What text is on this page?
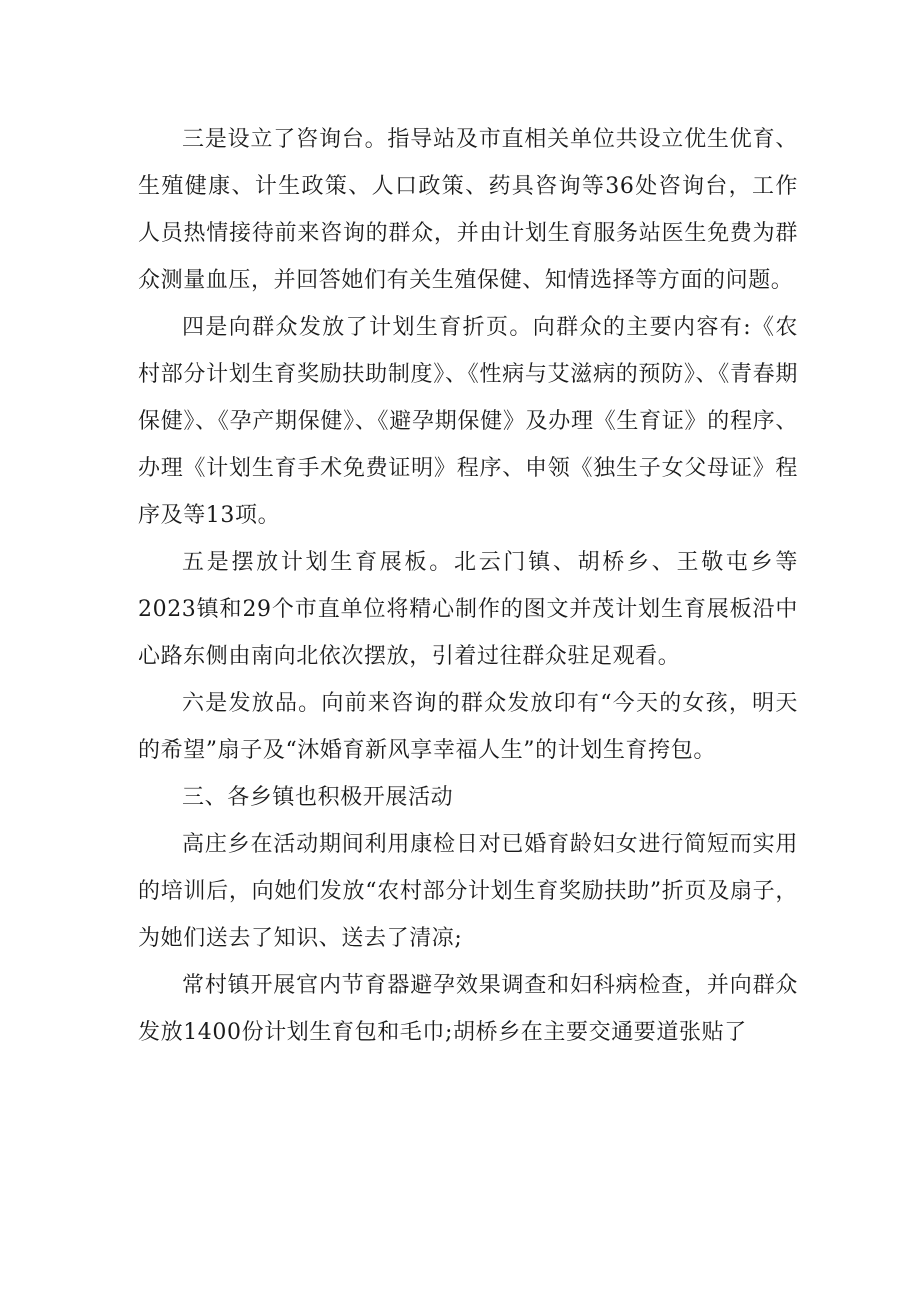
三是设立了咨询台。指导站及市直相关单位共设立优生优育、生殖健康、计生政策、人口政策、药具咨询等36处咨询台，工作人员热情接待前来咨询的群众，并由计划生育服务站医生免费为群众测量血压，并回答她们有关生殖保健、知情选择等方面的问题。

四是向群众发放了计划生育折页。向群众的主要内容有:《农村部分计划生育奖励扶助制度》、《性病与艾滋病的预防》、《青春期保健》、《孕产期保健》、《避孕期保健》及办理《生育证》的程序、办理《计划生育手术免费证明》程序、申领《独生子女父母证》程序及等13项。

五是摆放计划生育展板。北云门镇、胡桥乡、王敬屯乡等2023镇和29个市直单位将精心制作的图文并茂计划生育展板沿中心路东侧由南向北依次摆放，引着过往群众驻足观看。

六是发放品。向前来咨询的群众发放印有“今天的女孩，明天的希望”扇子及“沐婚育新风享幸福人生”的计划生育挎包。

三、各乡镇也积极开展活动

高庄乡在活动期间利用康检日对已婚育龄妇女进行简短而实用的培训后，向她们发放“农村部分计划生育奖励扶助”折页及扇子，为她们送去了知识、送去了清凉;

常村镇开展官内节育器避孕效果调查和妇科病检查，并向群众发放1400份计划生育包和毛巾;胡桥乡在主要交通要道张贴了
